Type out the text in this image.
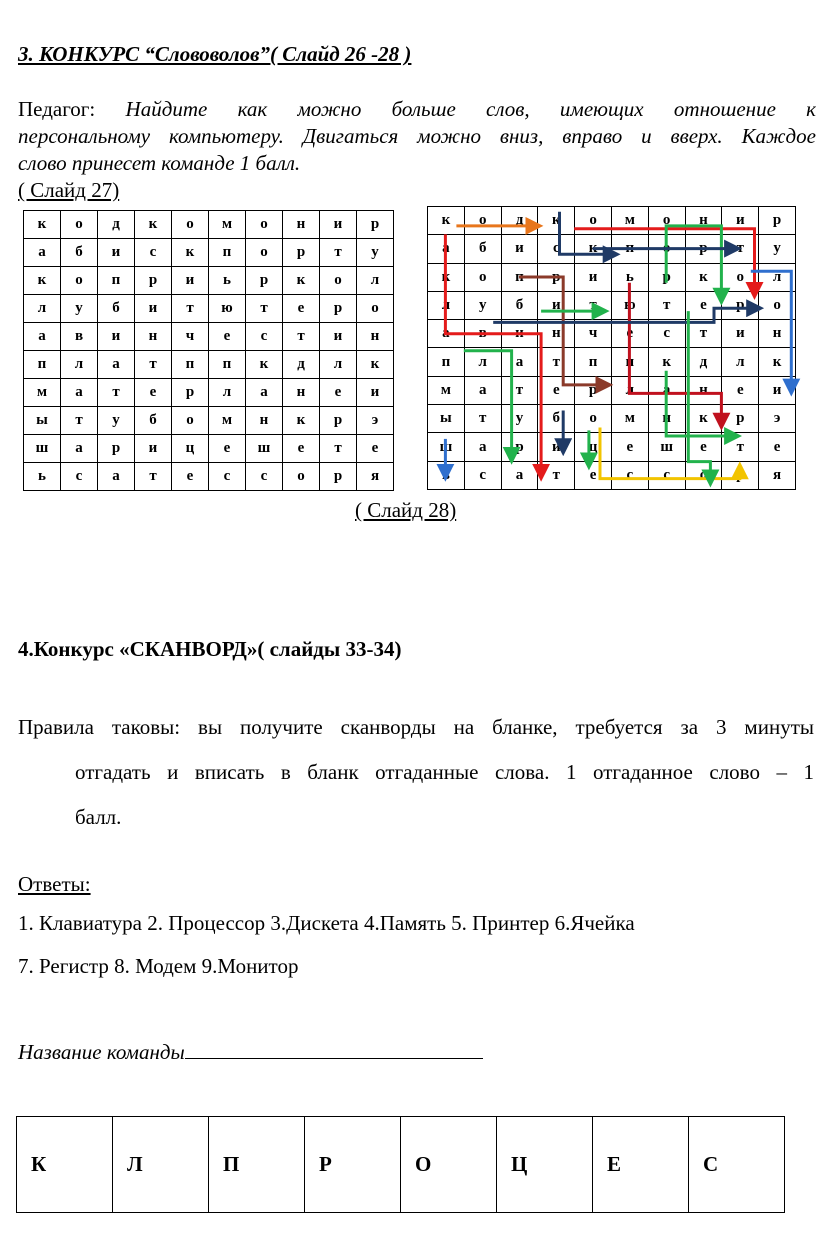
3. КОНКУРС “Слововолов”( Слайд 26 -28 )
Педагог: Найдите как можно больше слов, имеющих отношение к
персональному компьютеру. Двигаться можно вниз, вправо и вверх. Каждое
слово принесет команде 1 балл.
( Слайд 27)
к	о	д	к	о	м	о	н	и	р
а	б	и	с	к	п	о	р	т	у
к	о	п	р	и	ь	р	к	о	л
л	у	б	и	т	ю	т	е	р	о
а	в	и	н	ч	е	с	т	и	н
п	л	а	т	п	п	к	д	л	к
м	а	т	е	р	л	а	н	е	и
ы	т	у	б	о	м	н	к	р	э
ш	а	р	и	ц	е	ш	е	т	е
ь	с	а	т	е	с	с	о	р	я
к	о	д	к	о	м	о	н	и	р
а	б	и	с	к	п	о	р	т	у
к	о	п	р	и	ь	р	к	о	л
л	у	б	и	т	ю	т	е	р	о
а	в	и	н	ч	е	с	т	и	н
п	л	а	т	п	п	к	д	л	к
м	а	т	е	р	л	а	н	е	и
ы	т	у	б	о	м	н	к	р	э
ш	а	р	и	ц	е	ш	е	т	е
ь	с	а	т	е	с	с	о	р	я
( Слайд 28)
4.Конкурс «СКАНВОРД»( слайды 33-34)
Правила таковы: вы получите сканворды на бланке, требуется за 3 минуты
отгадать и вписать в бланк отгаданные слова. 1 отгаданное слово – 1
балл.
Ответы:
1. Клавиатура 2. Процессор 3.Дискета 4.Память 5. Принтер 6.Ячейка
7. Регистр 8. Модем 9.Монитор
Название команды
К	Л	П	Р	О	Ц	Е	С
